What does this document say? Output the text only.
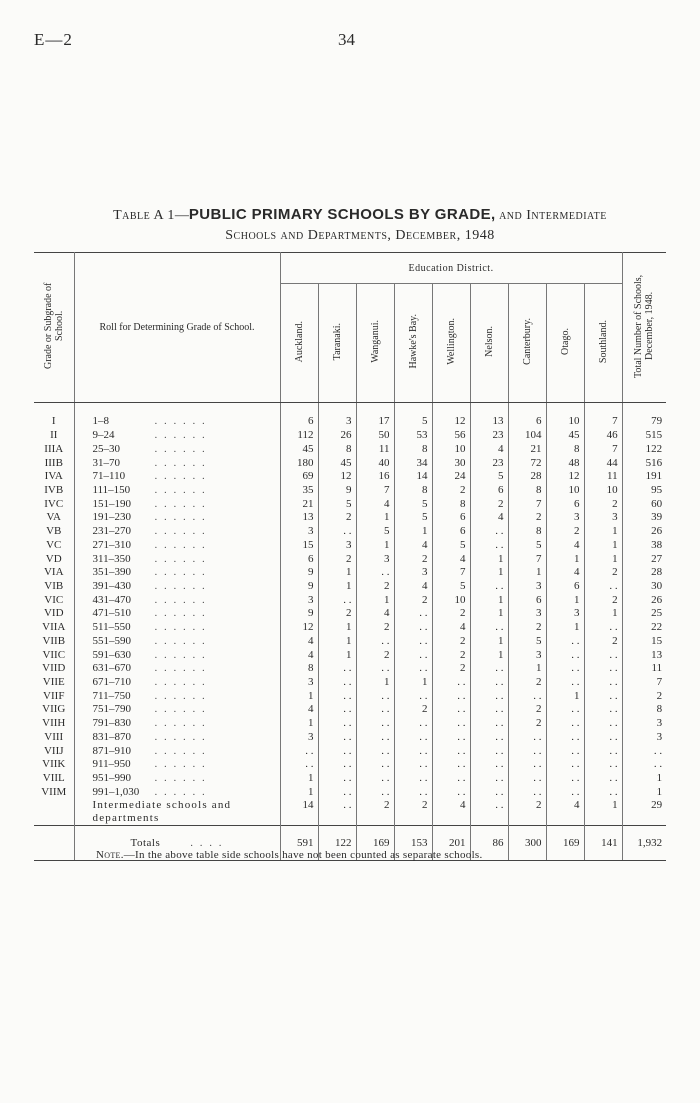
E—2	34
Table A 1—PUBLIC PRIMARY SCHOOLS BY GRADE, and Intermediate
Schools and Departments, December, 1948
Grade or Subgrade of School.	Roll for Determining Grade of School.	Education District.									Total Number of Schools, December, 1948.
		Auckland.	Taranaki.	Wanganui.	Hawke's Bay.	Wellington.	Nelson.	Canterbury.	Otago.	Southland.	

I	1–8 . . . . . .	6	3	17	5	12	13	6	10	7	79
II	9–24 . . . . . .	112	26	50	53	56	23	104	45	46	515
IIIA	25–30 . . . . . .	45	8	11	8	10	4	21	8	7	122
IIIB	31–70 . . . . . .	180	45	40	34	30	23	72	48	44	516
IVA	71–110 . . . . . .	69	12	16	14	24	5	28	12	11	191
IVB	111–150 . . . . . .	35	9	7	8	2	6	8	10	10	95
IVC	151–190 . . . . . .	21	5	4	5	8	2	7	6	2	60
VA	191–230 . . . . . .	13	2	1	5	6	4	2	3	3	39
VB	231–270 . . . . . .	3	. .	5	1	6	. .	8	2	1	26
VC	271–310 . . . . . .	15	3	1	4	5	. .	5	4	1	38
VD	311–350 . . . . . .	6	2	3	2	4	1	7	1	1	27
VIA	351–390 . . . . . .	9	1	. .	3	7	1	1	4	2	28
VIB	391–430 . . . . . .	9	1	2	4	5	. .	3	6	. .	30
VIC	431–470 . . . . . .	3	. .	1	2	10	1	6	1	2	26
VID	471–510 . . . . . .	9	2	4	. .	2	1	3	3	1	25
VIIA	511–550 . . . . . .	12	1	2	. .	4	. .	2	1	. .	22
VIIB	551–590 . . . . . .	4	1	. .	. .	2	1	5	. .	2	15
VIIC	591–630 . . . . . .	4	1	2	. .	2	1	3	. .	. .	13
VIID	631–670 . . . . . .	8	. .	. .	. .	2	. .	1	. .	. .	11
VIIE	671–710 . . . . . .	3	. .	1	1	. .	. .	2	. .	. .	7
VIIF	711–750 . . . . . .	1	. .	. .	. .	. .	. .	. .	1	. .	2
VIIG	751–790 . . . . . .	4	. .	. .	2	. .	. .	2	. .	. .	8
VIIH	791–830 . . . . . .	1	. .	. .	. .	. .	. .	2	. .	. .	3
VIII	831–870 . . . . . .	3	. .	. .	. .	. .	. .	. .	. .	. .	3
VIIJ	871–910 . . . . . .	. .	. .	. .	. .	. .	. .	. .	. .	. .	. .
VIIK	911–950 . . . . . .	. .	. .	. .	. .	. .	. .	. .	. .	. .	. .
VIIL	951–990 . . . . . .	1	. .	. .	. .	. .	. .	. .	. .	. .	1
VIIM	991–1,030 . . . . . .	1	. .	. .	. .	. .	. .	. .	. .	. .	1
	Intermediate schools and departments	14	. .	2	2	4	. .	2	4	1	29
	Totals . . . .	591	122	169	153	201	86	300	169	141	1,932
Note.—In the above table side schools have not been counted as separate schools.
